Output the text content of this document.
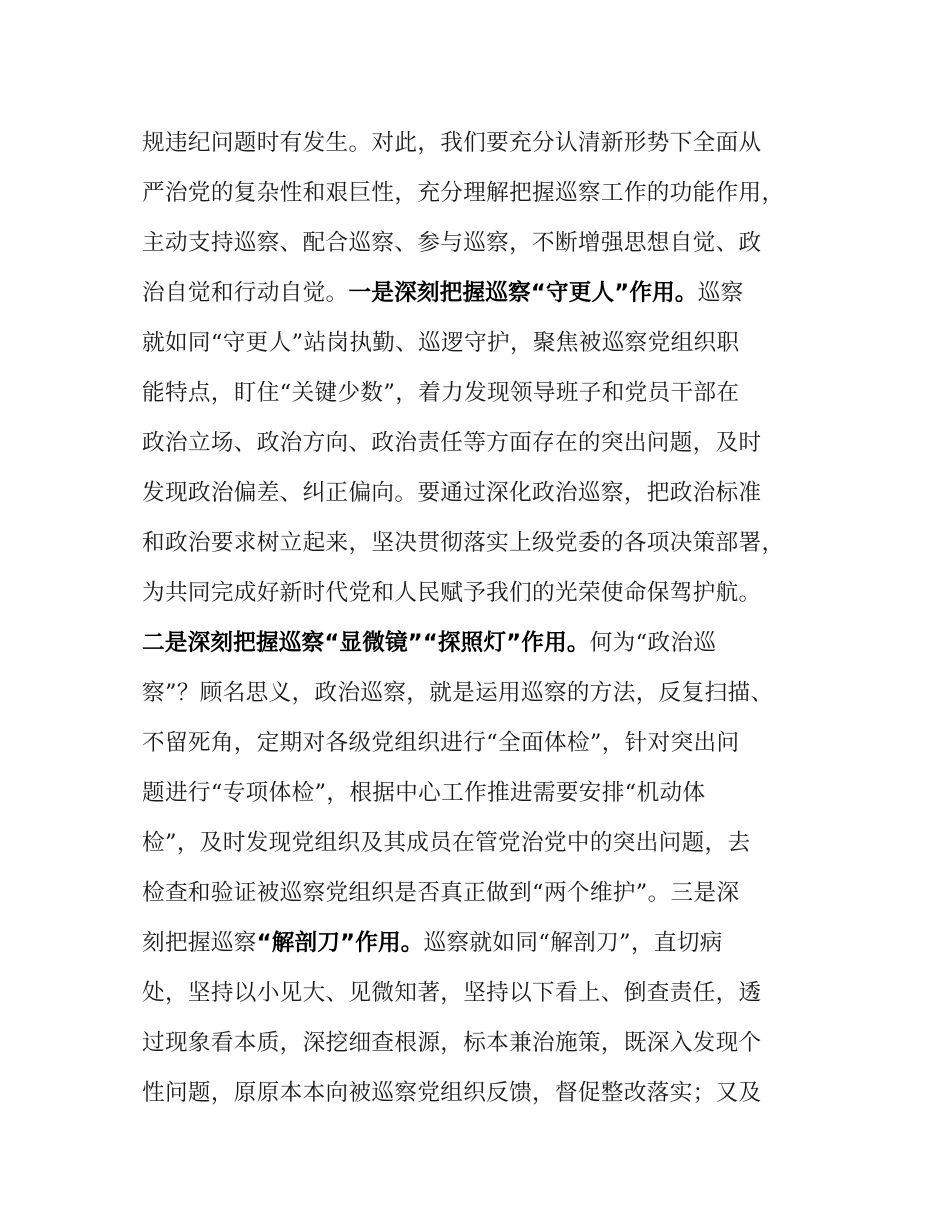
规违纪问题时有发生。对此，我们要充分认清新形势下全面从
严治党的复杂性和艰巨性，充分理解把握巡察工作的功能作用，
主动支持巡察、配合巡察、参与巡察，不断增强思想自觉、政
治自觉和行动自觉。一是深刻把握巡察“守更人”作用。巡察
就如同“守更人”站岗执勤、巡逻守护，聚焦被巡察党组织职
能特点，盯住“关键少数”，着力发现领导班子和党员干部在
政治立场、政治方向、政治责任等方面存在的突出问题，及时
发现政治偏差、纠正偏向。要通过深化政治巡察，把政治标准
和政治要求树立起来，坚决贯彻落实上级党委的各项决策部署，
为共同完成好新时代党和人民赋予我们的光荣使命保驾护航。
二是深刻把握巡察“显微镜”“探照灯”作用。何为“政治巡
察”？顾名思义，政治巡察，就是运用巡察的方法，反复扫描、
不留死角，定期对各级党组织进行“全面体检”，针对突出问
题进行“专项体检”，根据中心工作推进需要安排“机动体
检”，及时发现党组织及其成员在管党治党中的突出问题，去
检查和验证被巡察党组织是否真正做到“两个维护”。三是深
刻把握巡察“解剖刀”作用。巡察就如同“解剖刀”，直切病
处，坚持以小见大、见微知著，坚持以下看上、倒查责任，透
过现象看本质，深挖细查根源，标本兼治施策，既深入发现个
性问题，原原本本向被巡察党组织反馈，督促整改落实；又及
